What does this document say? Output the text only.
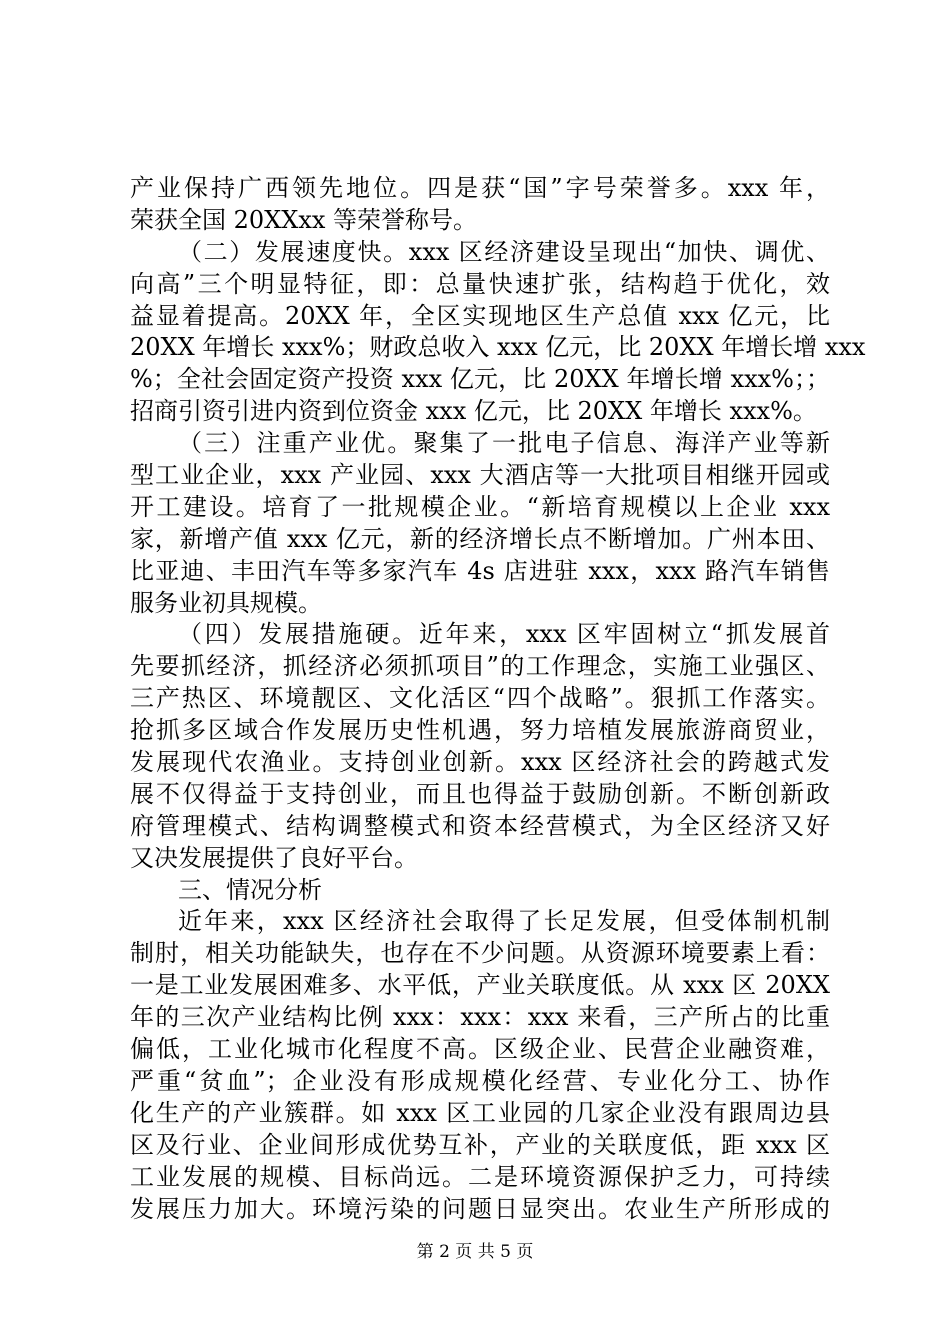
产业保持广西领先地位。四是获“国”字号荣誉多。xxx 年，
荣获全国 20XXxx 等荣誉称号。
（二）发展速度快。xxx 区经济建设呈现出“加快、调优、
向高”三个明显特征，即：总量快速扩张，结构趋于优化，效
益显着提高。20XX 年，全区实现地区生产总值 xxx 亿元，比
20XX 年增长 xxx%；财政总收入 xxx 亿元，比 20XX 年增长增 xxx
%；全社会固定资产投资 xxx 亿元，比 20XX 年增长增 xxx%；；
招商引资引进内资到位资金 xxx 亿元，比 20XX 年增长 xxx%。
（三）注重产业优。聚集了一批电子信息、海洋产业等新
型工业企业，xxx 产业园、xxx 大酒店等一大批项目相继开园或
开工建设。培育了一批规模企业。“新培育规模以上企业 xxx
家，新增产值 xxx 亿元，新的经济增长点不断增加。广州本田、
比亚迪、丰田汽车等多家汽车 4s 店进驻 xxx，xxx 路汽车销售
服务业初具规模。
（四）发展措施硬。近年来，xxx 区牢固树立“抓发展首
先要抓经济，抓经济必须抓项目”的工作理念，实施工业强区、
三产热区、环境靓区、文化活区“四个战略”。狠抓工作落实。
抢抓多区域合作发展历史性机遇，努力培植发展旅游商贸业，
发展现代农渔业。支持创业创新。xxx 区经济社会的跨越式发
展不仅得益于支持创业，而且也得益于鼓励创新。不断创新政
府管理模式、结构调整模式和资本经营模式，为全区经济又好
又决发展提供了良好平台。
三、情况分析
近年来，xxx 区经济社会取得了长足发展，但受体制机制
制肘，相关功能缺失，也存在不少问题。从资源环境要素上看：
一是工业发展困难多、水平低，产业关联度低。从 xxx 区 20XX
年的三次产业结构比例 xxx：xxx：xxx 来看，三产所占的比重
偏低，工业化城市化程度不高。区级企业、民营企业融资难，
严重“贫血”；企业没有形成规模化经营、专业化分工、协作
化生产的产业簇群。如 xxx 区工业园的几家企业没有跟周边县
区及行业、企业间形成优势互补，产业的关联度低，距 xxx 区
工业发展的规模、目标尚远。二是环境资源保护乏力，可持续
发展压力加大。环境污染的问题日显突出。农业生产所形成的
第 2 页 共 5 页
